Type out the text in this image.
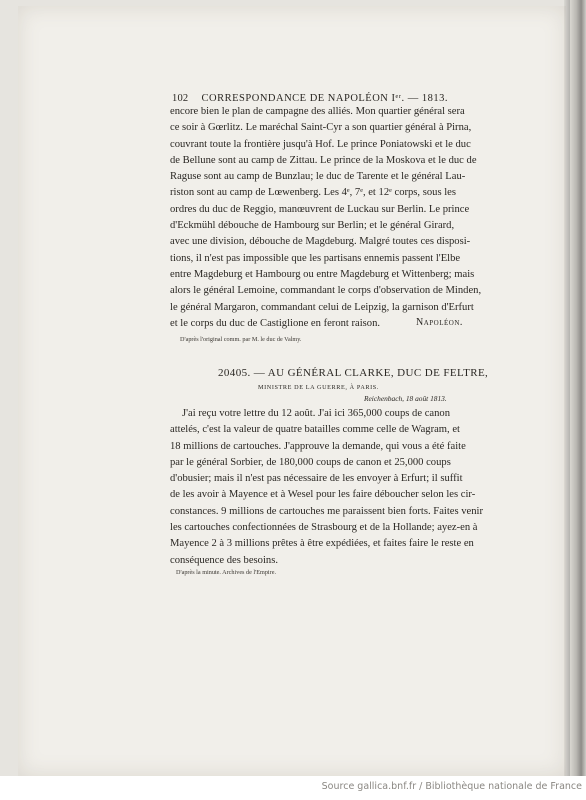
102 CORRESPONDANCE DE NAPOLÉON Iᵉʳ. — 1813.
encore bien le plan de campagne des alliés. Mon quartier général sera
ce soir à Gœrlitz. Le maréchal Saint-Cyr a son quartier général à Pirna,
couvrant toute la frontière jusqu'à Hof. Le prince Poniatowski et le duc
de Bellune sont au camp de Zittau. Le prince de la Moskova et le duc de
Raguse sont au camp de Bunzlau; le duc de Tarente et le général Lau-
riston sont au camp de Lœwenberg. Les 4ᵉ, 7ᵉ, et 12ᵉ corps, sous les
ordres du duc de Reggio, manœuvrent de Luckau sur Berlin. Le prince
d'Eckmühl débouche de Hambourg sur Berlin; et le général Girard,
avec une division, débouche de Magdeburg. Malgré toutes ces disposi-
tions, il n'est pas impossible que les partisans ennemis passent l'Elbe
entre Magdeburg et Hambourg ou entre Magdeburg et Wittenberg; mais
alors le général Lemoine, commandant le corps d'observation de Minden,
le général Margaron, commandant celui de Leipzig, la garnison d'Erfurt
et le corps du duc de Castiglione en feront raison.	Napoléon.
D'après l'original comm. par M. le duc de Valmy.
20405. — AU GÉNÉRAL CLARKE, DUC DE FELTRE,
MINISTRE DE LA GUERRE, À PARIS.
Reichenbach, 18 août 1813.
J'ai reçu votre lettre du 12 août. J'ai ici 365,000 coups de canon
attelés, c'est la valeur de quatre batailles comme celle de Wagram, et
18 millions de cartouches. J'approuve la demande, qui vous a été faite
par le général Sorbier, de 180,000 coups de canon et 25,000 coups
d'obusier; mais il n'est pas nécessaire de les envoyer à Erfurt; il suffit
de les avoir à Mayence et à Wesel pour les faire déboucher selon les cir-
constances. 9 millions de cartouches me paraissent bien forts. Faites venir
les cartouches confectionnées de Strasbourg et de la Hollande; ayez-en à
Mayence 2 à 3 millions prêtes à être expédiées, et faites faire le reste en
conséquence des besoins.
D'après la minute. Archives de l'Empire.
Source gallica.bnf.fr / Bibliothèque nationale de France
